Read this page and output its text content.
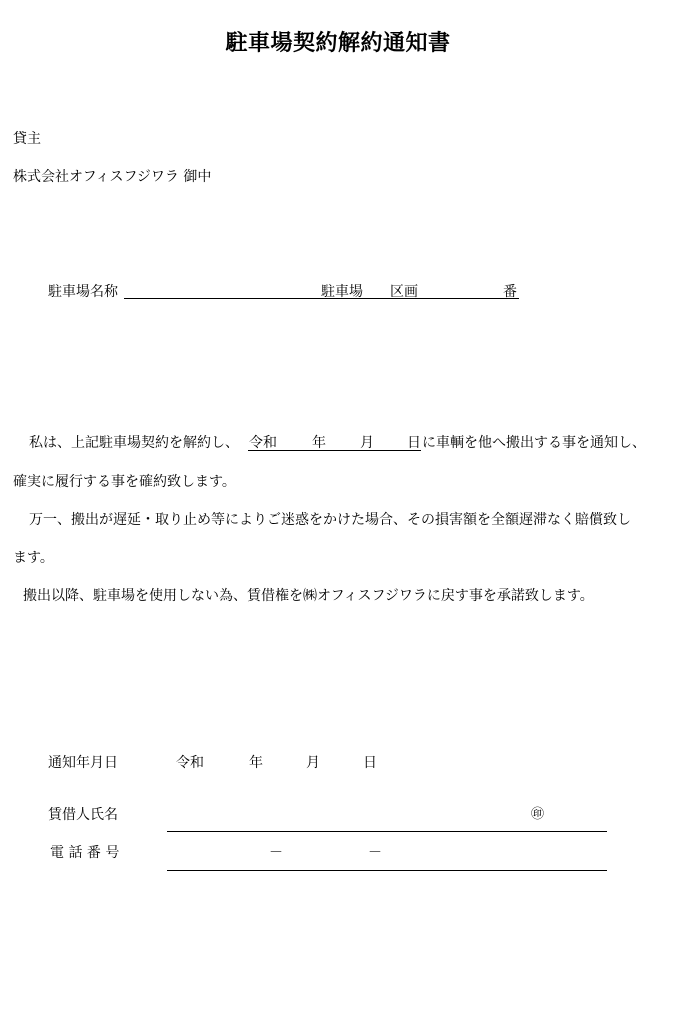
駐車場契約解約通知書
貸主
株式会社オフィスフジワラ 御中
駐車場名称	駐車場 区画	番
私は、上記駐車場契約を解約し、 令和	年 月 日 に車輌を他へ搬出する事を通知し、
確実に履行する事を確約致します。
万一、搬出が遅延・取り止め等によりご迷惑をかけた場合、その損害額を全額遅滞なく賠償致し
ます。
搬出以降、駐車場を使用しない為、賃借権を㈱オフィスフジワラに戻す事を承諾致します。
通知年月日	令和	年	月	日
賃借人氏名	㊞
電 話 番 号	－	－
